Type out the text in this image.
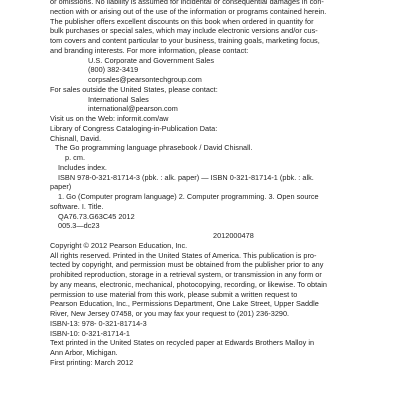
or omissions. No liability is assumed for incidental or consequential damages in con-
nection with or arising out of the use of the information or programs contained herein.
The publisher offers excellent discounts on this book when ordered in quantity for
bulk purchases or special sales, which may include electronic versions and/or cus-
tom covers and content particular to your business, training goals, marketing focus,
and branding interests. For more information, please contact:
U.S. Corporate and Government Sales
(800) 382-3419
corpsales@pearsontechgroup.com
For sales outside the United States, please contact:
International Sales
international@pearson.com
Visit us on the Web: informit.com/aw
Library of Congress Cataloging-in-Publication Data:
Chisnall, David.
The Go programming language phrasebook / David Chisnall.
p. cm.
Includes index.
ISBN 978-0-321-81714-3 (pbk. : alk. paper) — ISBN 0-321-81714-1 (pbk. : alk.
paper)
1. Go (Computer program language) 2. Computer programming. 3. Open source
software. I. Title.
QA76.73.G63C45 2012
005.3—dc23
2012000478
Copyright © 2012 Pearson Education, Inc.
All rights reserved. Printed in the United States of America. This publication is pro-
tected by copyright, and permission must be obtained from the publisher prior to any
prohibited reproduction, storage in a retrieval system, or transmission in any form or
by any means, electronic, mechanical, photocopying, recording, or likewise. To obtain
permission to use material from this work, please submit a written request to
Pearson Education, Inc., Permissions Department, One Lake Street, Upper Saddle
River, New Jersey 07458, or you may fax your request to (201) 236-3290.
ISBN-13: 978- 0-321-81714-3
ISBN-10: 0-321-81714-1
Text printed in the United States on recycled paper at Edwards Brothers Malloy in
Ann Arbor, Michigan.
First printing: March 2012
